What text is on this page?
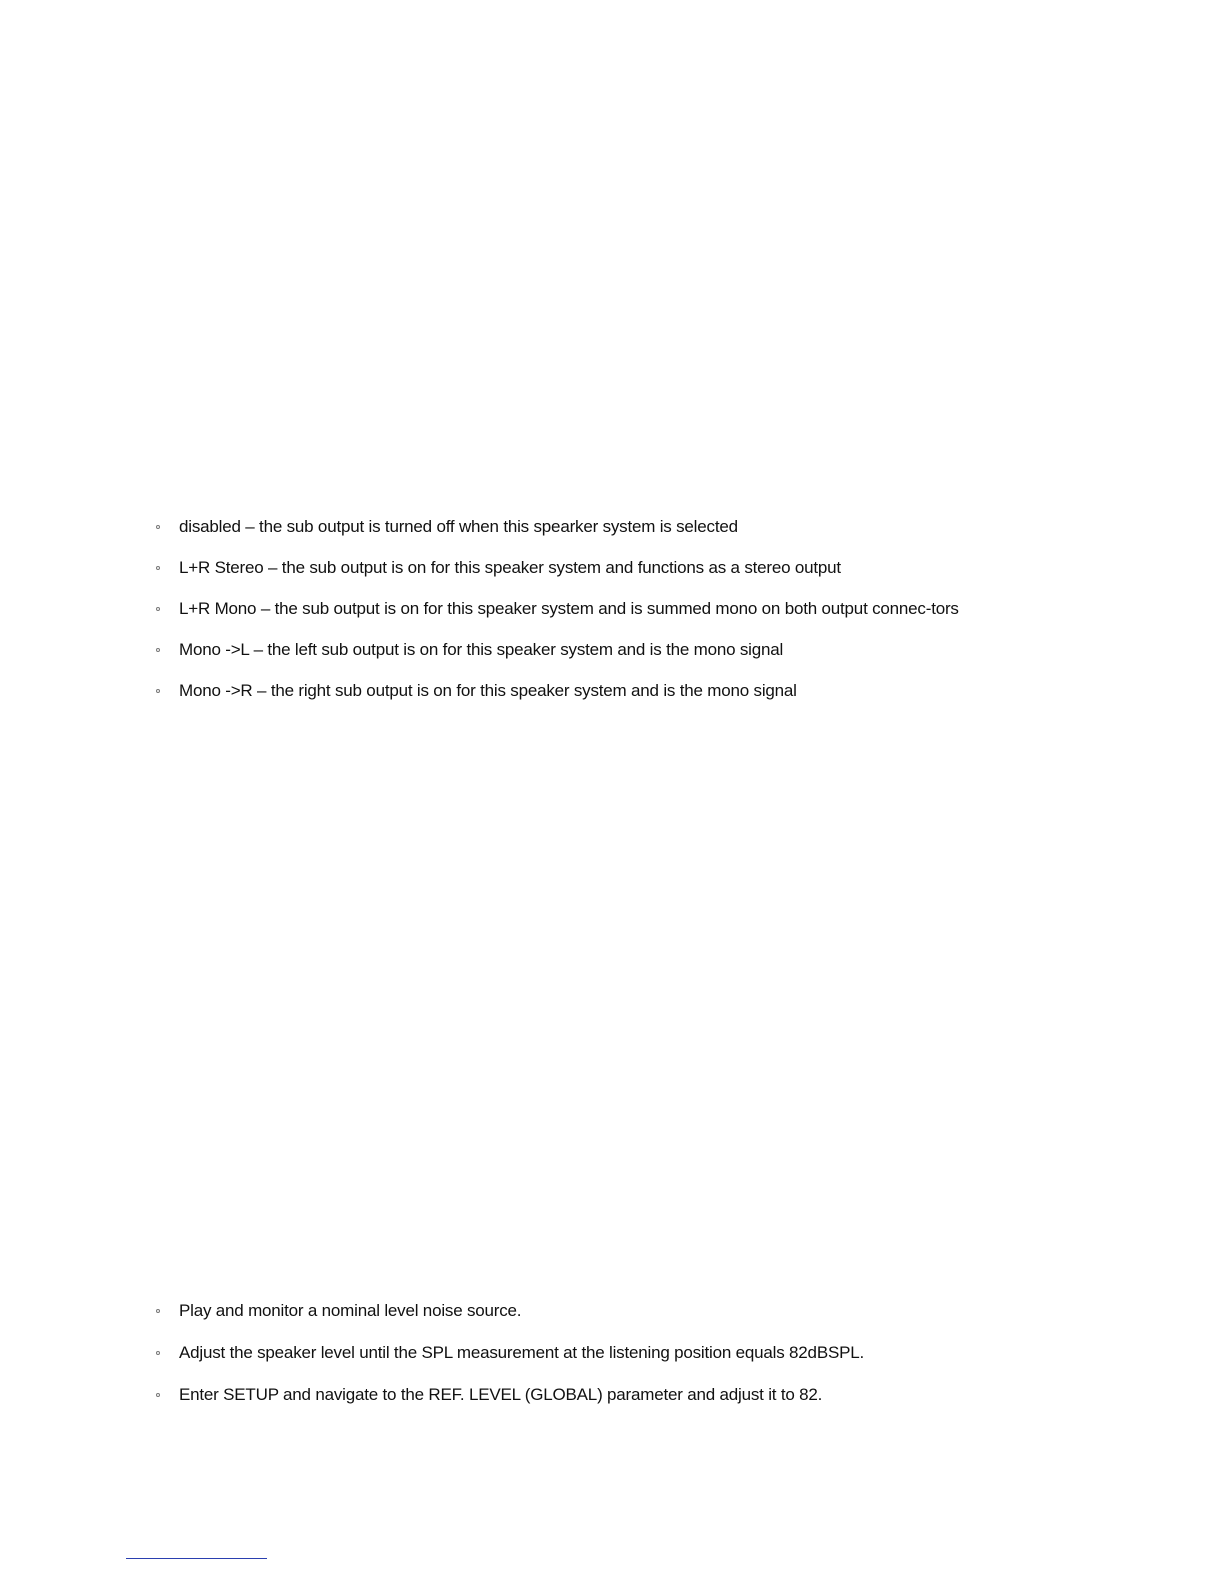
disabled – the sub output is turned off when this spearker system is selected
L+R Stereo – the sub output is on for this speaker system and functions as a stereo output
L+R Mono – the sub output is on for this speaker system and is summed mono on both output connec-tors
Mono ->L – the left sub output is on for this speaker system and is the mono signal
Mono ->R – the right sub output is on for this speaker system and is the mono signal
Play and monitor a nominal level noise source.
Adjust the speaker level until the SPL measurement at the listening position equals 82dBSPL.
Enter SETUP and navigate to the REF. LEVEL (GLOBAL) parameter and adjust it to 82.
